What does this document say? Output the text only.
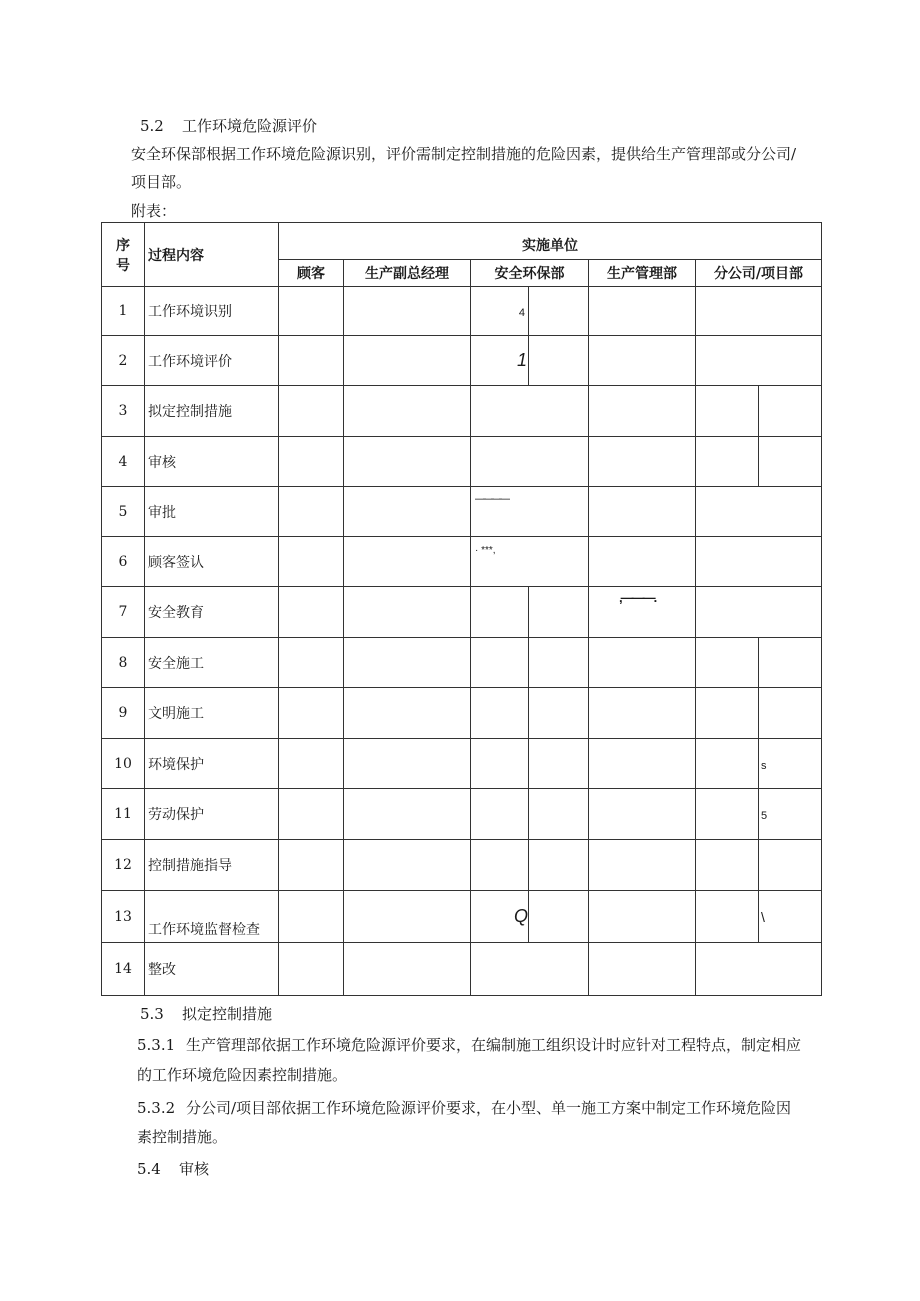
5.2 工作环境危险源评价
安全环保部根据工作环境危险源识别，评价需制定控制措施的危险因素，提供给生产管理部或分公司/
项目部。
附表：
序
号	过程内容	实施单位						
		顾客	生产副总经理	安全环保部		生产管理部	分公司/项目部	
1	工作环境识别			4				
2	工作环境评价			1				
3	拟定控制措施							
4	审核							
5	审批			————				
6	顾客签认			· ***,				
7	安全教育					,———.		
8	安全施工							
9	文明施工							
10	环境保护							s
11	劳动保护							5
12	控制措施指导							
13	工作环境监督检查			Q				\
14	整改							
5.3 拟定控制措施
5.3.1 生产管理部依据工作环境危险源评价要求，在编制施工组织设计时应针对工程特点，制定相应
的工作环境危险因素控制措施。
5.3.2 分公司/项目部依据工作环境危险源评价要求，在小型、单一施工方案中制定工作环境危险因
素控制措施。
5.4 审核
